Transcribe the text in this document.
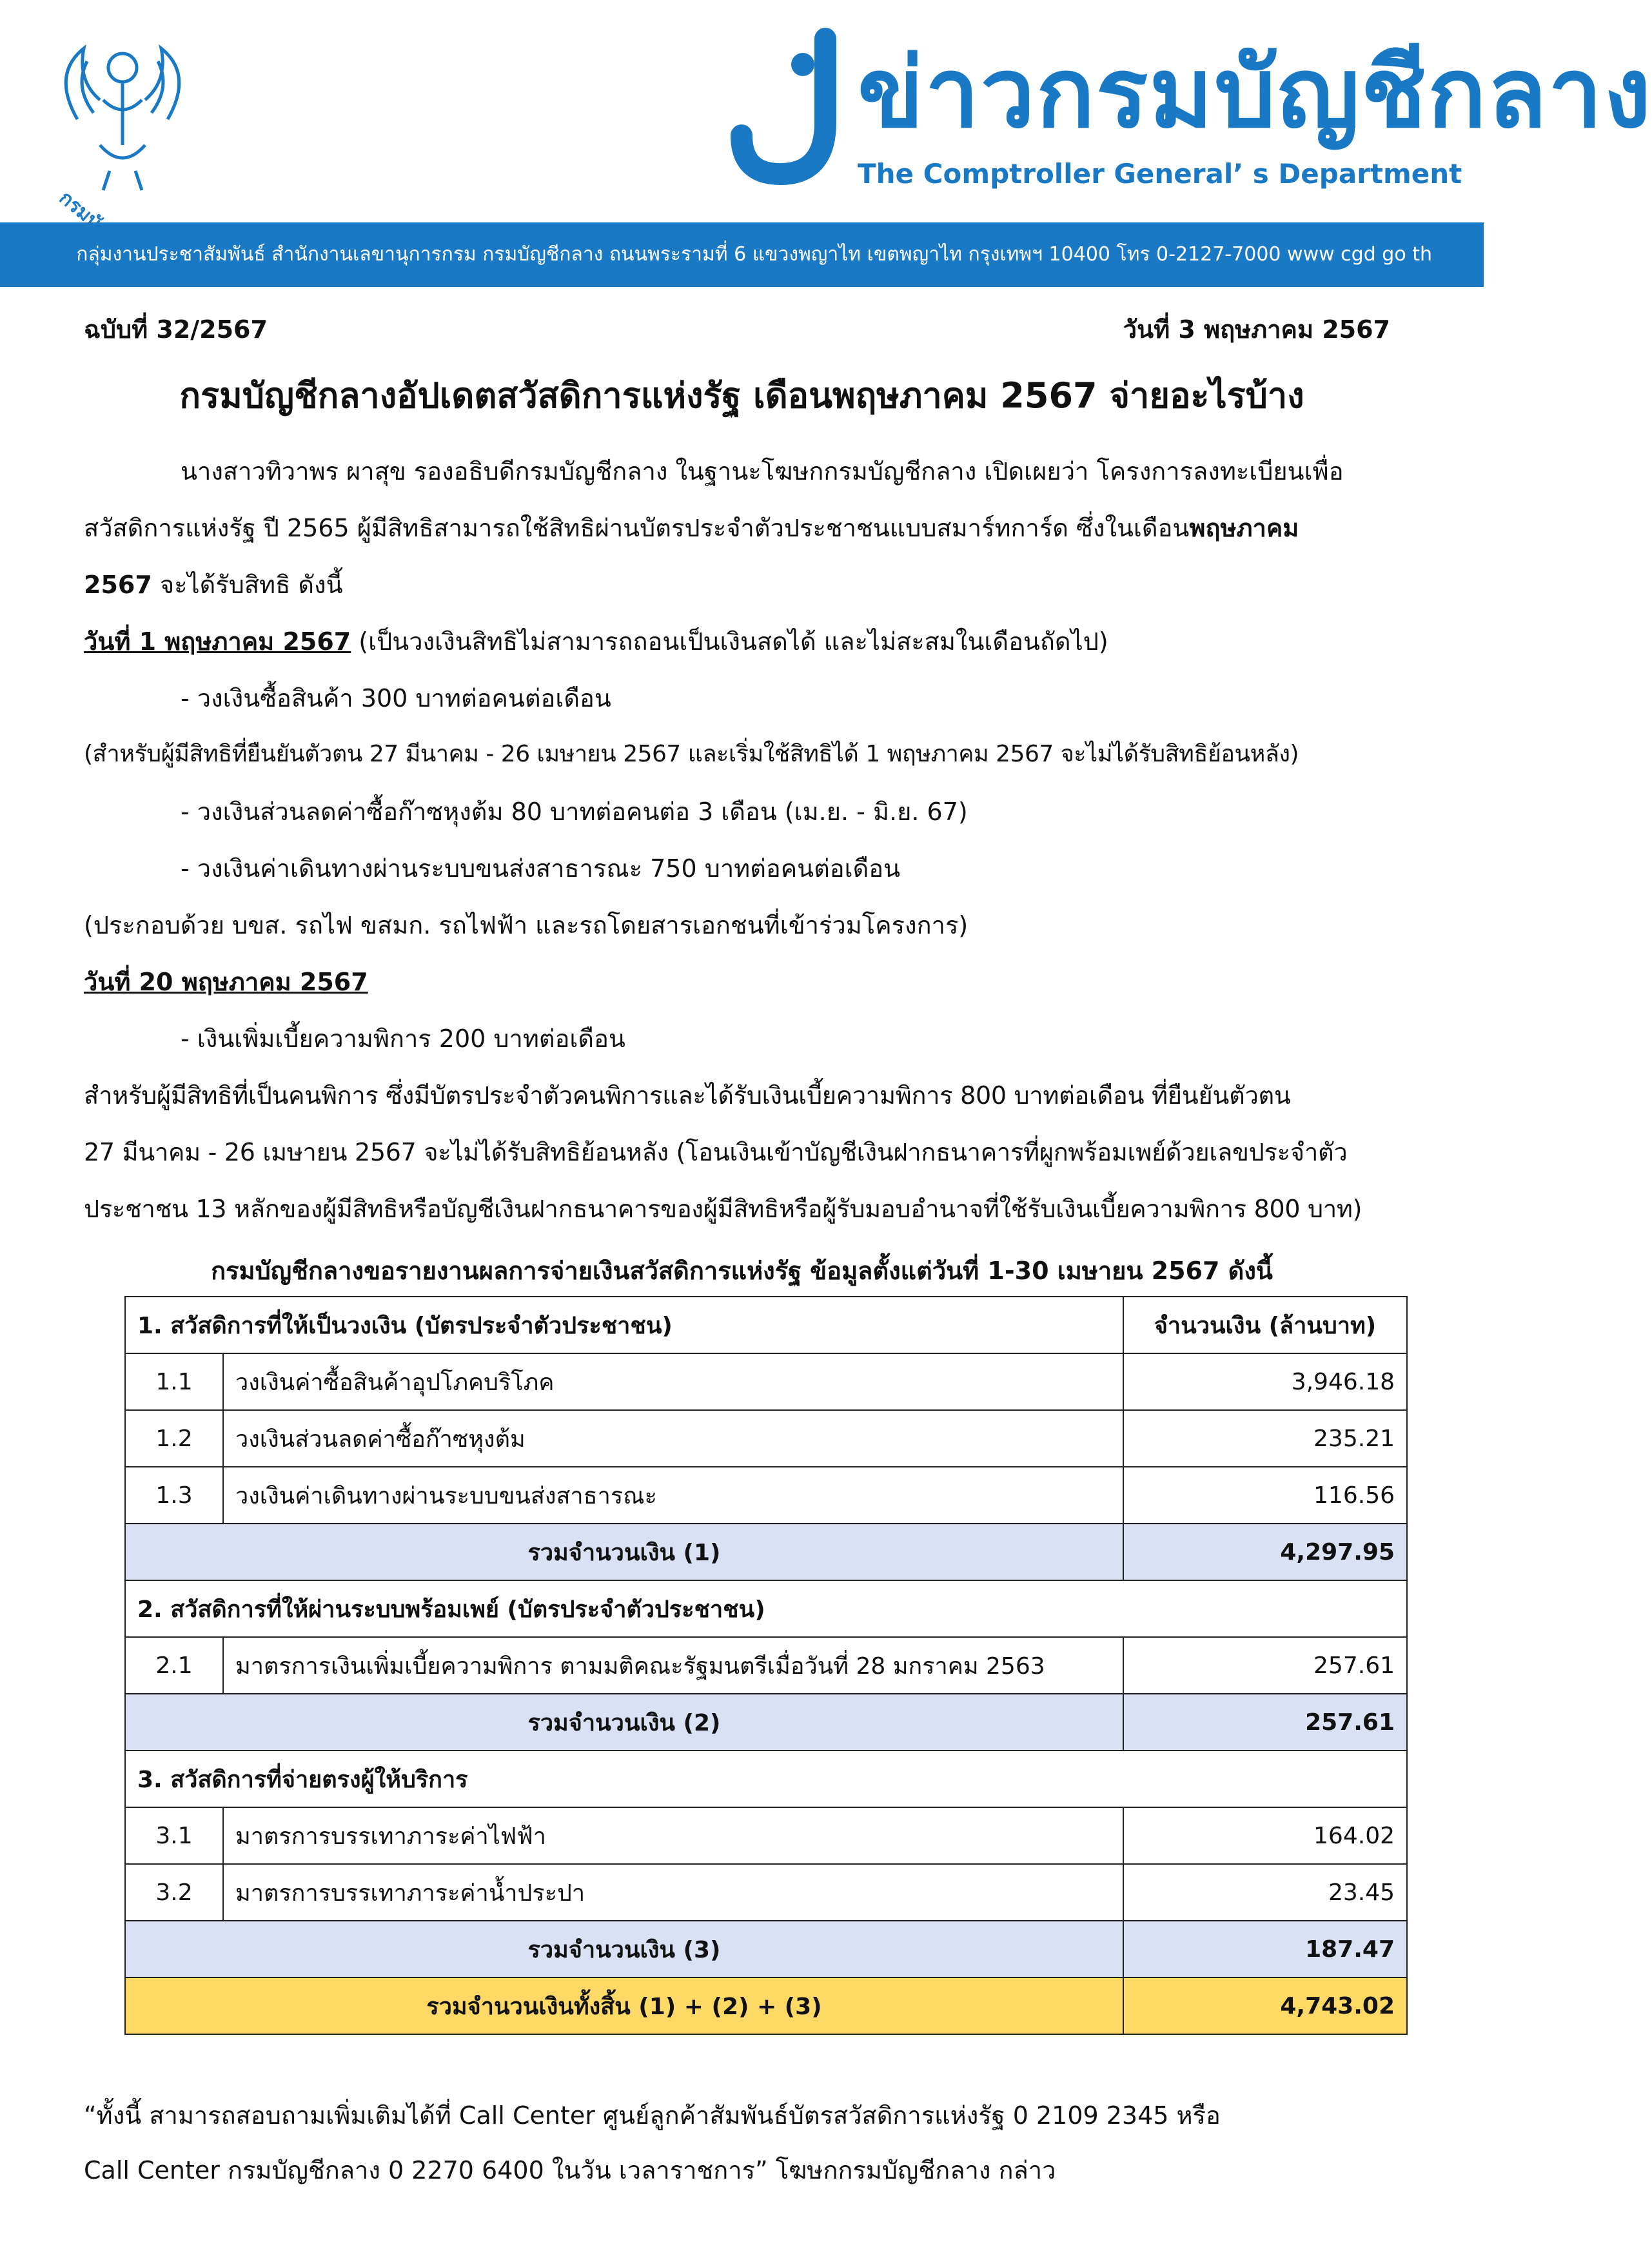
ข่าวกรมบัญชีกลาง
The Comptroller General’ s Department
กลุ่มงานประชาสัมพันธ์ สำนักงานเลขานุการกรม กรมบัญชีกลาง ถนนพระรามที่ 6 แขวงพญาไท เขตพญาไท กรุงเทพฯ 10400 โทร 0-2127-7000 www cgd go th
ฉบับที่ 32/2567	วันที่ 3 พฤษภาคม 2567
กรมบัญชีกลางอัปเดตสวัสดิการแห่งรัฐ เดือนพฤษภาคม 2567 จ่ายอะไรบ้าง
นางสาวทิวาพร ผาสุข รองอธิบดีกรมบัญชีกลาง ในฐานะโฆษกกรมบัญชีกลาง เปิดเผยว่า โครงการลงทะเบียนเพื่อ
สวัสดิการแห่งรัฐ ปี 2565 ผู้มีสิทธิสามารถใช้สิทธิผ่านบัตรประจำตัวประชาชนแบบสมาร์ทการ์ด ซึ่งในเดือนพฤษภาคม
2567 จะได้รับสิทธิ ดังนี้
วันที่ 1 พฤษภาคม 2567 (เป็นวงเงินสิทธิไม่สามารถถอนเป็นเงินสดได้ และไม่สะสมในเดือนถัดไป)
- วงเงินซื้อสินค้า 300 บาทต่อคนต่อเดือน
(สำหรับผู้มีสิทธิที่ยืนยันตัวตน 27 มีนาคม - 26 เมษายน 2567 และเริ่มใช้สิทธิได้ 1 พฤษภาคม 2567 จะไม่ได้รับสิทธิย้อนหลัง)
- วงเงินส่วนลดค่าซื้อก๊าซหุงต้ม 80 บาทต่อคนต่อ 3 เดือน (เม.ย. - มิ.ย. 67)
- วงเงินค่าเดินทางผ่านระบบขนส่งสาธารณะ 750 บาทต่อคนต่อเดือน
(ประกอบด้วย บขส. รถไฟ ขสมก. รถไฟฟ้า และรถโดยสารเอกชนที่เข้าร่วมโครงการ)
วันที่ 20 พฤษภาคม 2567
- เงินเพิ่มเบี้ยความพิการ 200 บาทต่อเดือน
สำหรับผู้มีสิทธิที่เป็นคนพิการ ซึ่งมีบัตรประจำตัวคนพิการและได้รับเงินเบี้ยความพิการ 800 บาทต่อเดือน ที่ยืนยันตัวตน
27 มีนาคม - 26 เมษายน 2567 จะไม่ได้รับสิทธิย้อนหลัง (โอนเงินเข้าบัญชีเงินฝากธนาคารที่ผูกพร้อมเพย์ด้วยเลขประจำตัว
ประชาชน 13 หลักของผู้มีสิทธิหรือบัญชีเงินฝากธนาคารของผู้มีสิทธิหรือผู้รับมอบอำนาจที่ใช้รับเงินเบี้ยความพิการ 800 บาท)
กรมบัญชีกลางขอรายงานผลการจ่ายเงินสวัสดิการแห่งรัฐ ข้อมูลตั้งแต่วันที่ 1-30 เมษายน 2567 ดังนี้
1. สวัสดิการที่ให้เป็นวงเงิน (บัตรประจำตัวประชาชน)		จำนวนเงิน (ล้านบาท)
1.1	วงเงินค่าซื้อสินค้าอุปโภคบริโภค	3,946.18
1.2	วงเงินส่วนลดค่าซื้อก๊าซหุงต้ม	235.21
1.3	วงเงินค่าเดินทางผ่านระบบขนส่งสาธารณะ	116.56
รวมจำนวนเงิน (1)		4,297.95
2. สวัสดิการที่ให้ผ่านระบบพร้อมเพย์ (บัตรประจำตัวประชาชน)		
2.1	มาตรการเงินเพิ่มเบี้ยความพิการ ตามมติคณะรัฐมนตรีเมื่อวันที่ 28 มกราคม 2563	257.61
รวมจำนวนเงิน (2)		257.61
3. สวัสดิการที่จ่ายตรงผู้ให้บริการ		
3.1	มาตรการบรรเทาภาระค่าไฟฟ้า	164.02
3.2	มาตรการบรรเทาภาระค่าน้ำประปา	23.45
รวมจำนวนเงิน (3)		187.47
รวมจำนวนเงินทั้งสิ้น (1) + (2) + (3)		4,743.02
“ทั้งนี้ สามารถสอบถามเพิ่มเติมได้ที่ Call Center ศูนย์ลูกค้าสัมพันธ์บัตรสวัสดิการแห่งรัฐ 0 2109 2345 หรือ
Call Center กรมบัญชีกลาง 0 2270 6400 ในวัน เวลาราชการ” โฆษกกรมบัญชีกลาง กล่าว
